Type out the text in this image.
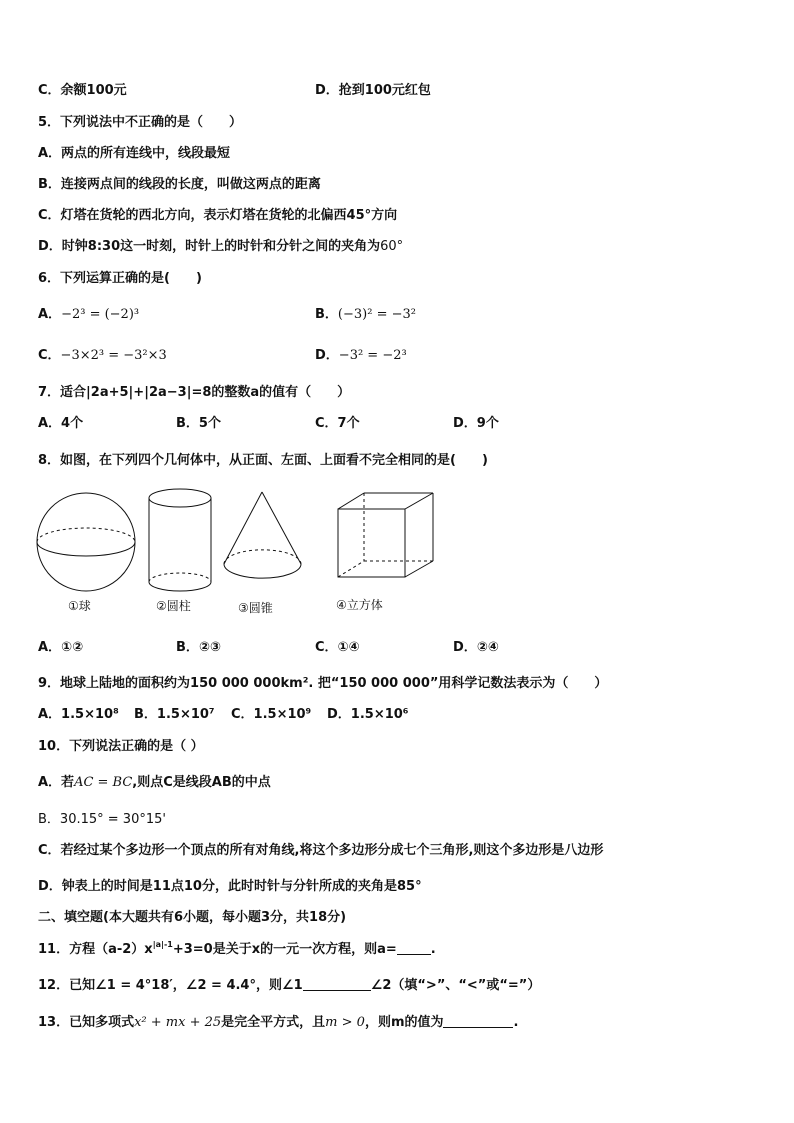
C．余额100元	D．抢到100元红包
5．下列说法中不正确的是（　　）
A．两点的所有连线中，线段最短
B．连接两点间的线段的长度，叫做这两点的距离
C．灯塔在货轮的西北方向，表示灯塔在货轮的北偏西45°方向
D．时钟8:30这一时刻，时针上的时针和分针之间的夹角为60°
6．下列运算正确的是(　　)
A．−2³ = (−2)³	B．(−3)² = −3²
C．−3×2³ = −3²×3	D．−3² = −2³
7．适合|2a+5|+|2a−3|=8的整数a的值有（　　）
A．4个	B．5个	C．7个	D．9个
8．如图，在下列四个几何体中，从正面、左面、上面看不完全相同的是(　　)
①球	②圆柱	③圆锥	④立方体
A．①②	B．②③	C．①④	D．②④
9．地球上陆地的面积约为150 000 000km². 把“150 000 000”用科学记数法表示为（　　）
A．1.5×10⁸ B．1.5×10⁷ C．1.5×10⁹ D．1.5×10⁶
10．下列说法正确的是（ ）
A．若AC = BC,则点C是线段AB的中点
B．30.15° = 30°15'
C．若经过某个多边形一个顶点的所有对角线,将这个多边形分成七个三角形,则这个多边形是八边形
D．钟表上的时间是11点10分，此时时针与分针所成的夹角是85°
二、填空题(本大题共有6小题，每小题3分，共18分)
11．方程$(a-2)x^{|a|-1}+3=0$是关于x的一元一次方程，则a=	.
12．已知∠1 = 4°18′，∠2 = 4.4°，则∠1	∠2（填“>”、“<”或“=”）
13．已知多项式x² + mx + 25是完全平方式，且m > 0，则m的值为	.
